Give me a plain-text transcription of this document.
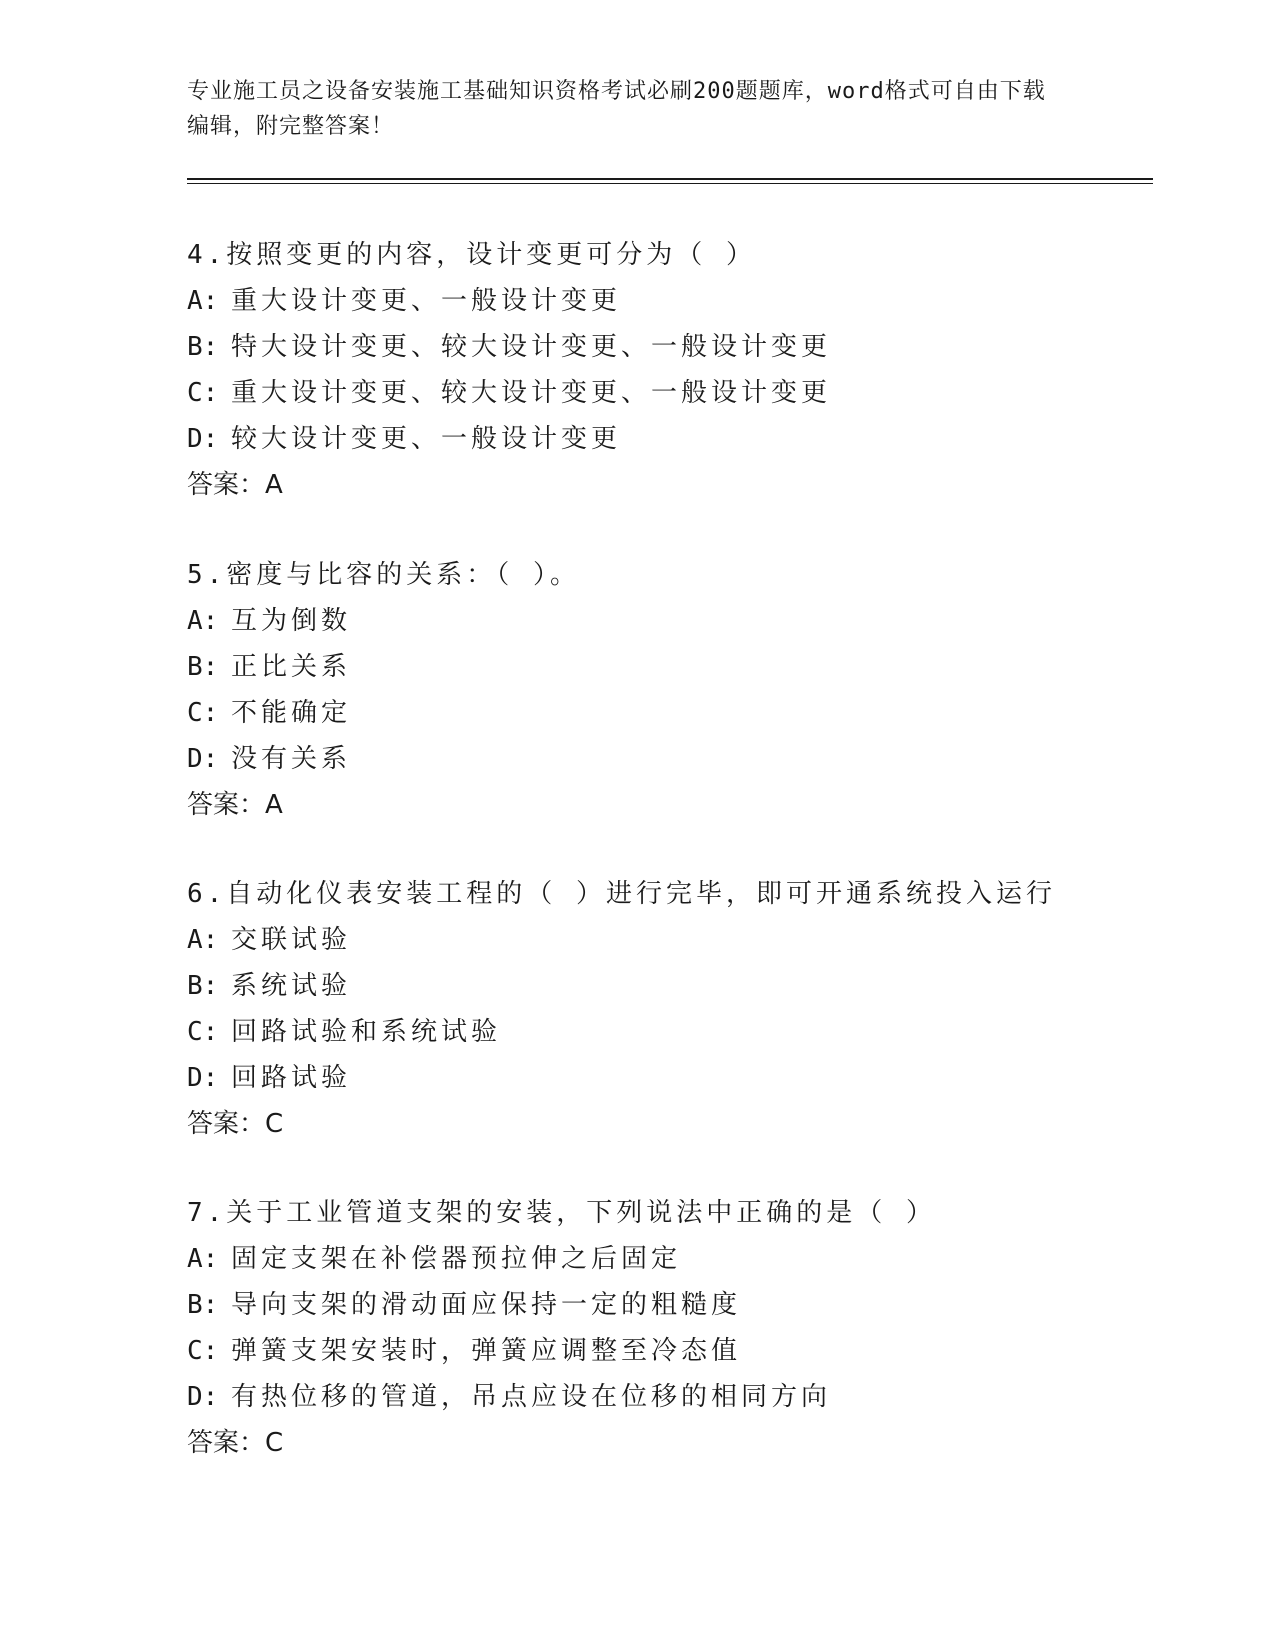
专业施工员之设备安装施工基础知识资格考试必刷200题题库，word格式可自由下载编辑，附完整答案！
4.按照变更的内容，设计变更可分为（ ）
A: 重大设计变更、一般设计变更
B: 特大设计变更、较大设计变更、一般设计变更
C: 重大设计变更、较大设计变更、一般设计变更
D: 较大设计变更、一般设计变更
答案：A
5.密度与比容的关系：（ ）。
A: 互为倒数
B: 正比关系
C: 不能确定
D: 没有关系
答案：A
6.自动化仪表安装工程的（ ）进行完毕，即可开通系统投入运行
A: 交联试验
B: 系统试验
C: 回路试验和系统试验
D: 回路试验
答案：C
7.关于工业管道支架的安装，下列说法中正确的是（ ）
A: 固定支架在补偿器预拉伸之后固定
B: 导向支架的滑动面应保持一定的粗糙度
C: 弹簧支架安装时，弹簧应调整至冷态值
D: 有热位移的管道，吊点应设在位移的相同方向
答案：C
